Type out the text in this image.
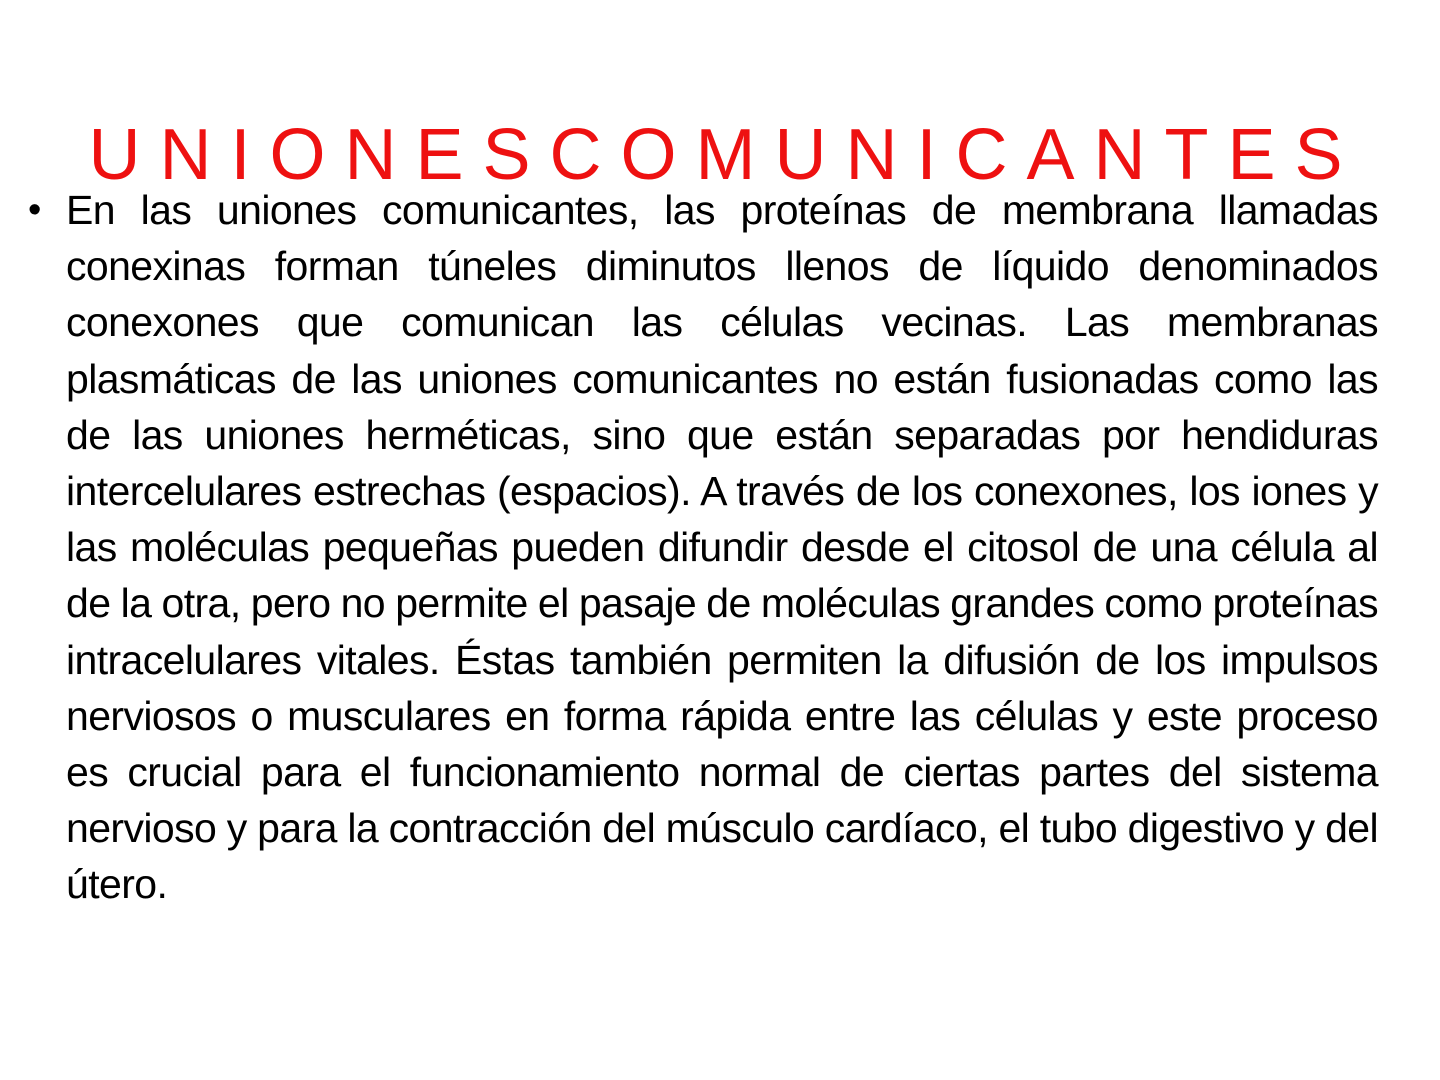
UNIONESCOMUNICANTES
• En las uniones comunicantes, las proteínas de membrana llamadas conexinas forman túneles diminutos llenos de líquido denominados conexones que comunican las células vecinas. Las membranas plasmáticas de las uniones comunicantes no están fusionadas como las de las uniones herméticas, sino que están separadas por hendiduras intercelulares estrechas (espacios). A través de los conexones, los iones y las moléculas pequeñas pueden difundir desde el citosol de una célula al de la otra, pero no permite el pasaje de moléculas grandes como proteínas intracelulares vitales. Éstas también permiten la difusión de los impulsos nerviosos o musculares en forma rápida entre las células y este proceso es crucial para el funcionamiento normal de ciertas partes del sistema nervioso y para la contracción del músculo cardíaco, el tubo digestivo y del útero.
